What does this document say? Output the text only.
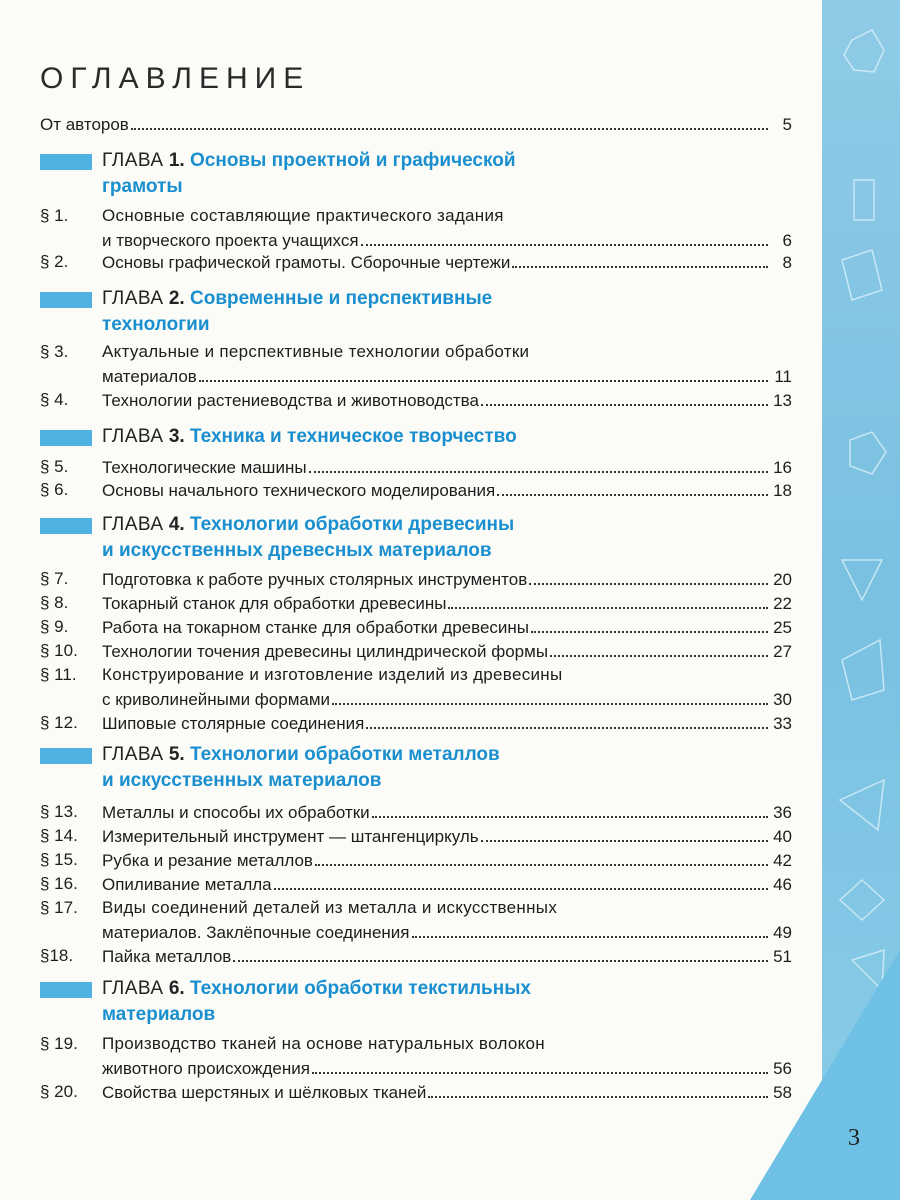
ОГЛАВЛЕНИЕ
От авторов	5
ГЛАВА 1. Основы проектной и графической
грамоты
§ 1.	Основные составляющие практического задания
и творческого проекта учащихся	6
§ 2.	Основы графической грамоты. Сборочные чертежи	8
ГЛАВА 2. Современные и перспективные
технологии
§ 3.	Актуальные и перспективные технологии обработки
материалов	11
§ 4.	Технологии растениеводства и животноводства	13
ГЛАВА 3. Техника и техническое творчество
§ 5.	Технологические машины	16
§ 6.	Основы начального технического моделирования	18
ГЛАВА 4. Технологии обработки древесины
и искусственных древесных материалов
§ 7.	Подготовка к работе ручных столярных инструментов	20
§ 8.	Токарный станок для обработки древесины	22
§ 9.	Работа на токарном станке для обработки древесины	25
§ 10.	Технологии точения древесины цилиндрической формы	27
§ 11.	Конструирование и изготовление изделий из древесины
с криволинейными формами	30
§ 12.	Шиповые столярные соединения	33
ГЛАВА 5. Технологии обработки металлов
и искусственных материалов
§ 13.	Металлы и способы их обработки	36
§ 14.	Измерительный инструмент — штангенциркуль	40
§ 15.	Рубка и резание металлов	42
§ 16.	Опиливание металла	46
§ 17.	Виды соединений деталей из металла и искусственных
материалов. Заклёпочные соединения	49
§18.	Пайка металлов	51
ГЛАВА 6. Технологии обработки текстильных
материалов
§ 19.	Производство тканей на основе натуральных волокон
животного происхождения	56
§ 20.	Свойства шерстяных и шёлковых тканей	58
3
